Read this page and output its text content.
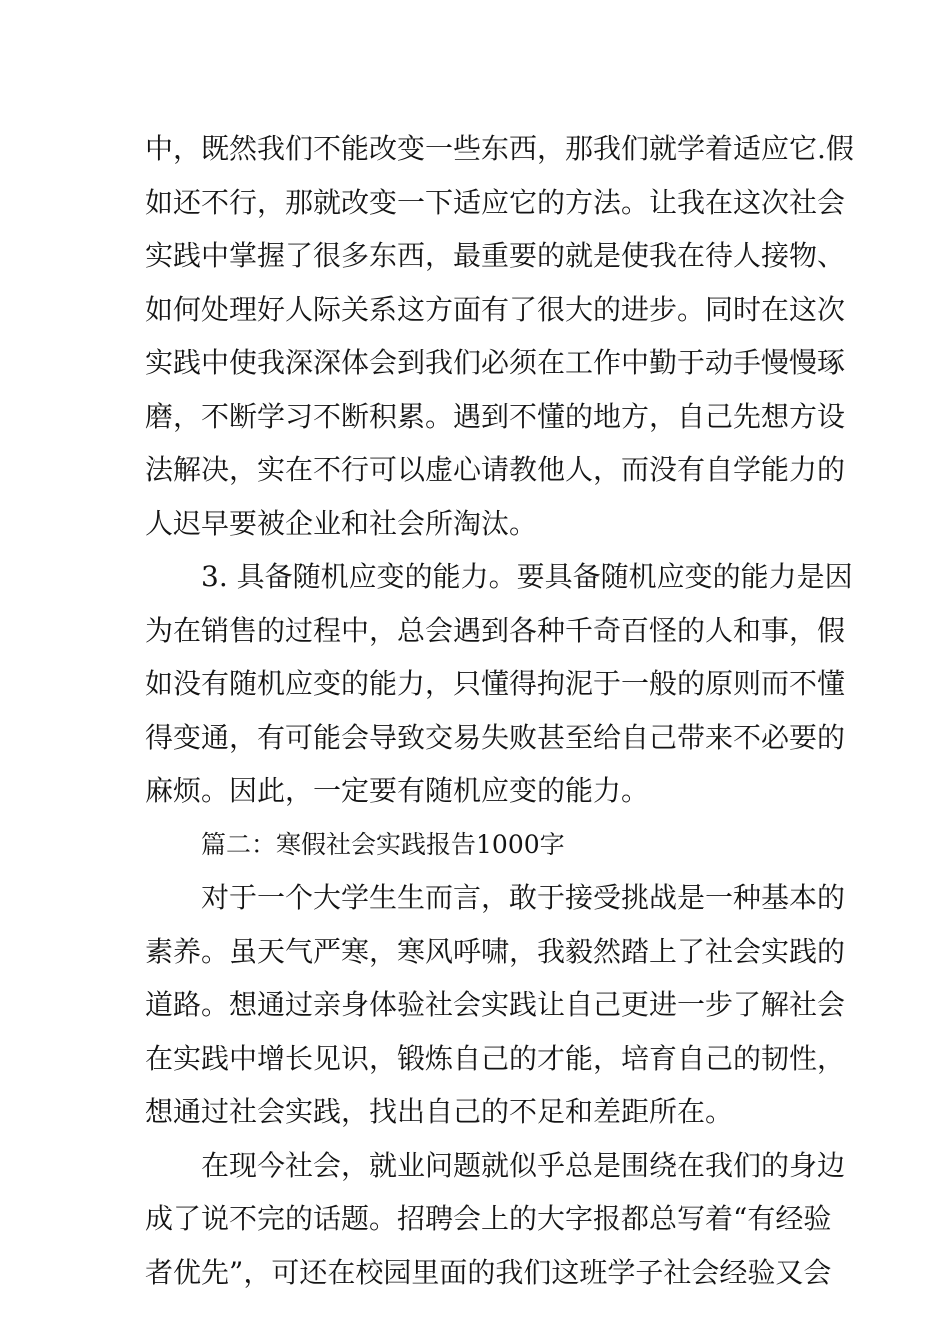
中，既然我们不能改变一些东西，那我们就学着适应它.假
如还不行，那就改变一下适应它的方法。让我在这次社会
实践中掌握了很多东西，最重要的就是使我在待人接物、
如何处理好人际关系这方面有了很大的进步。同时在这次
实践中使我深深体会到我们必须在工作中勤于动手慢慢琢
磨，不断学习不断积累。遇到不懂的地方，自己先想方设
法解决，实在不行可以虚心请教他人，而没有自学能力的
人迟早要被企业和社会所淘汰。
3. 具备随机应变的能力。要具备随机应变的能力是因
为在销售的过程中，总会遇到各种千奇百怪的人和事，假
如没有随机应变的能力，只懂得拘泥于一般的原则而不懂
得变通，有可能会导致交易失败甚至给自己带来不必要的
麻烦。因此，一定要有随机应变的能力。
篇二：寒假社会实践报告1000字
对于一个大学生生而言，敢于接受挑战是一种基本的
素养。虽天气严寒，寒风呼啸，我毅然踏上了社会实践的
道路。想通过亲身体验社会实践让自己更进一步了解社会
在实践中增长见识，锻炼自己的才能，培育自己的韧性，
想通过社会实践，找出自己的不足和差距所在。
在现今社会，就业问题就似乎总是围绕在我们的身边
成了说不完的话题。招聘会上的大字报都总写着“有经验
者优先”，可还在校园里面的我们这班学子社会经验又会
